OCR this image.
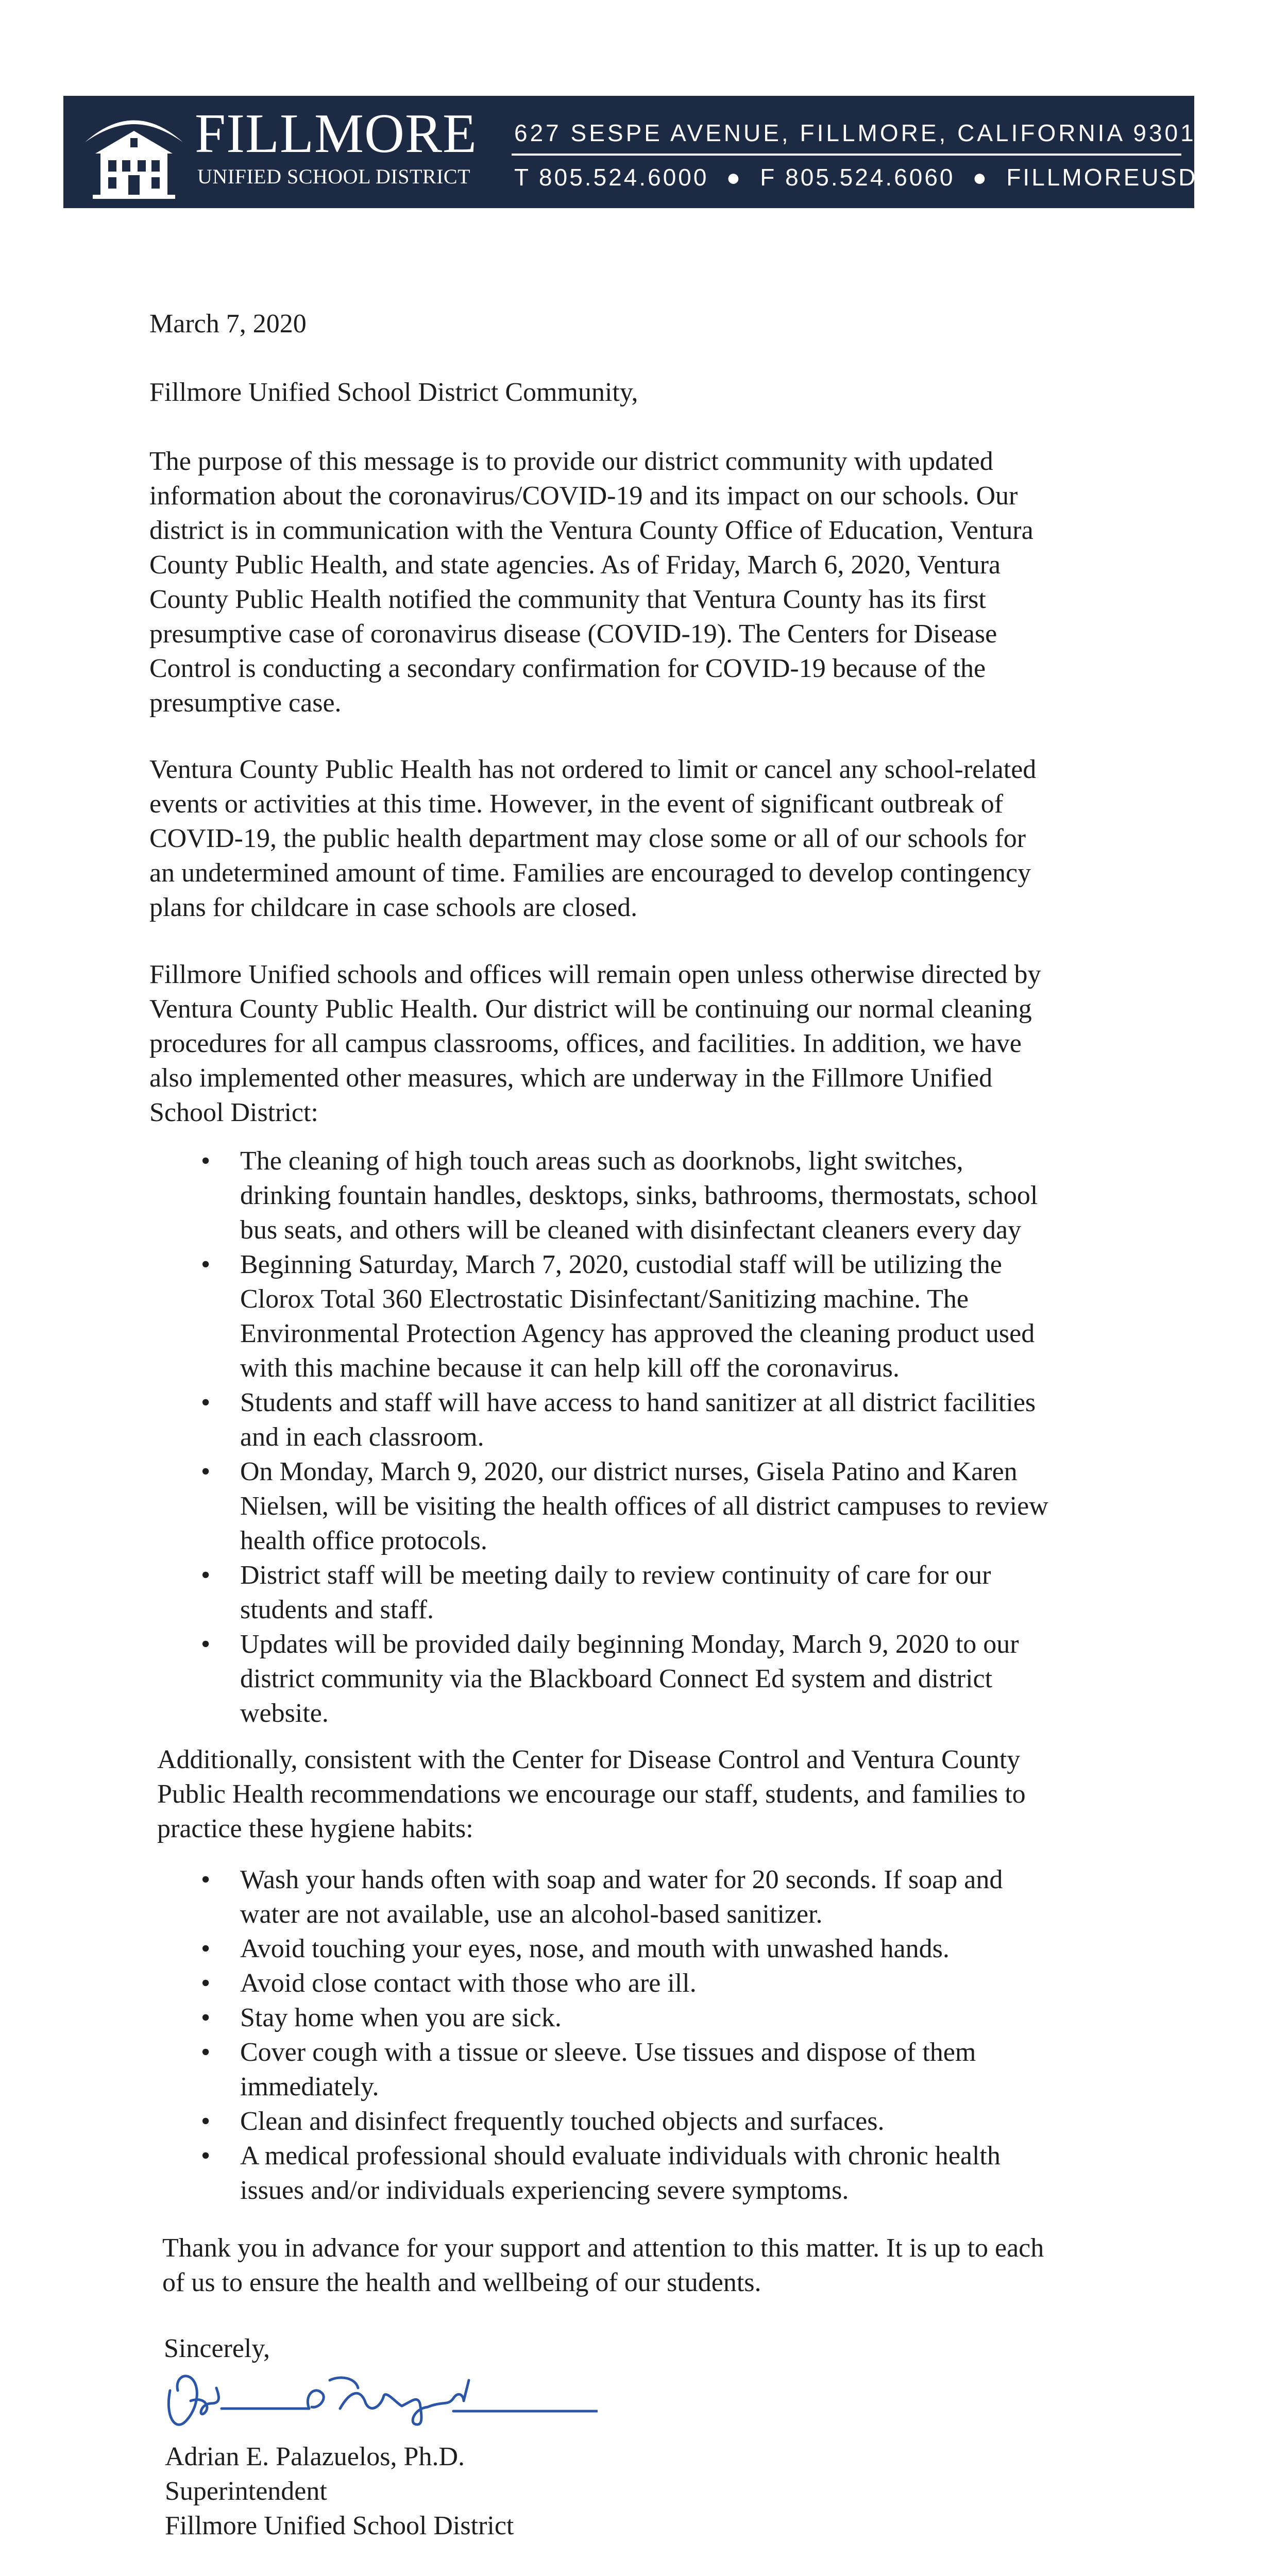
FILLMORE
UNIFIED SCHOOL DISTRICT
627 SESPE AVENUE, FILLMORE, CALIFORNIA 93015
T 805.524.6000 ● F 805.524.6060 ● FILLMOREUSD.ORG
March 7, 2020
Fillmore Unified School District Community,
The purpose of this message is to provide our district community with updated
information about the coronavirus/COVID-19 and its impact on our schools. Our
district is in communication with the Ventura County Office of Education, Ventura
County Public Health, and state agencies. As of Friday, March 6, 2020, Ventura
County Public Health notified the community that Ventura County has its first
presumptive case of coronavirus disease (COVID-19). The Centers for Disease
Control is conducting a secondary confirmation for COVID-19 because of the
presumptive case.
Ventura County Public Health has not ordered to limit or cancel any school-related
events or activities at this time. However, in the event of significant outbreak of
COVID-19, the public health department may close some or all of our schools for
an undetermined amount of time. Families are encouraged to develop contingency
plans for childcare in case schools are closed.
Fillmore Unified schools and offices will remain open unless otherwise directed by
Ventura County Public Health. Our district will be continuing our normal cleaning
procedures for all campus classrooms, offices, and facilities. In addition, we have
also implemented other measures, which are underway in the Fillmore Unified
School District:
• The cleaning of high touch areas such as doorknobs, light switches,
drinking fountain handles, desktops, sinks, bathrooms, thermostats, school
bus seats, and others will be cleaned with disinfectant cleaners every day
• Beginning Saturday, March 7, 2020, custodial staff will be utilizing the
Clorox Total 360 Electrostatic Disinfectant/Sanitizing machine. The
Environmental Protection Agency has approved the cleaning product used
with this machine because it can help kill off the coronavirus.
• Students and staff will have access to hand sanitizer at all district facilities
and in each classroom.
• On Monday, March 9, 2020, our district nurses, Gisela Patino and Karen
Nielsen, will be visiting the health offices of all district campuses to review
health office protocols.
• District staff will be meeting daily to review continuity of care for our
students and staff.
• Updates will be provided daily beginning Monday, March 9, 2020 to our
district community via the Blackboard Connect Ed system and district
website.
Additionally, consistent with the Center for Disease Control and Ventura County
Public Health recommendations we encourage our staff, students, and families to
practice these hygiene habits:
• Wash your hands often with soap and water for 20 seconds. If soap and
water are not available, use an alcohol-based sanitizer.
• Avoid touching your eyes, nose, and mouth with unwashed hands.
• Avoid close contact with those who are ill.
• Stay home when you are sick.
• Cover cough with a tissue or sleeve. Use tissues and dispose of them
immediately.
• Clean and disinfect frequently touched objects and surfaces.
• A medical professional should evaluate individuals with chronic health
issues and/or individuals experiencing severe symptoms.
Thank you in advance for your support and attention to this matter. It is up to each
of us to ensure the health and wellbeing of our students.
Sincerely,
Adrian E. Palazuelos, Ph.D.
Superintendent
Fillmore Unified School District
